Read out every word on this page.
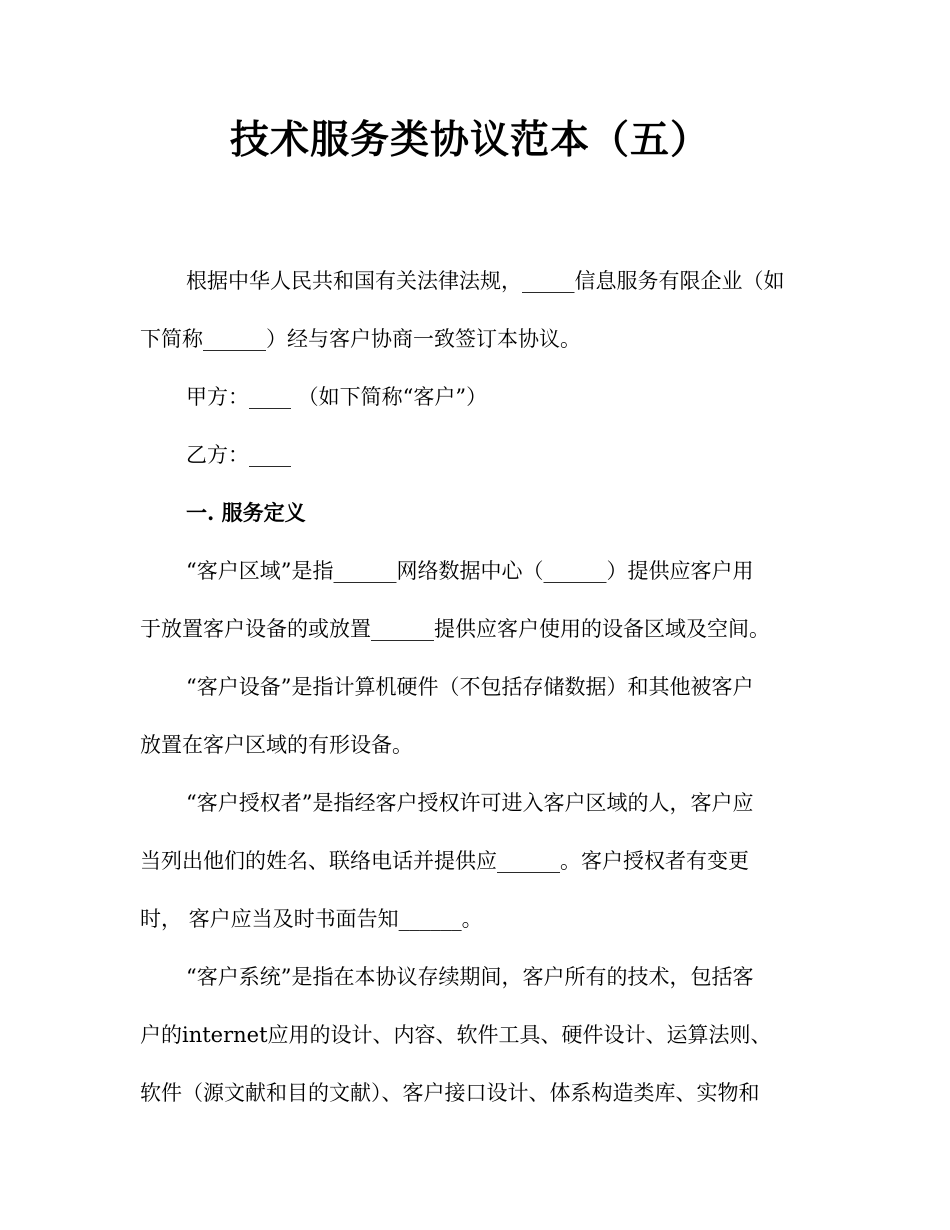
技术服务类协议范本（五）
根据中华人民共和国有关法律法规，_____信息服务有限企业（如
下简称______）经与客户协商一致签订本协议。
甲方：____ （如下简称“客户”）
乙方：____
一. 服务定义
“客户区域”是指______网络数据中心（______）提供应客户用
于放置客户设备的或放置______提供应客户使用的设备区域及空间。
“客户设备”是指计算机硬件（不包括存储数据）和其他被客户
放置在客户区域的有形设备。
“客户授权者”是指经客户授权许可进入客户区域的人，客户应
当列出他们的姓名、联络电话并提供应______。客户授权者有变更
时， 客户应当及时书面告知______。
“客户系统”是指在本协议存续期间，客户所有的技术，包括客
户的internet应用的设计、内容、软件工具、硬件设计、运算法则、
软件（源文献和目的文献）、客户接口设计、体系构造类库、实物和
